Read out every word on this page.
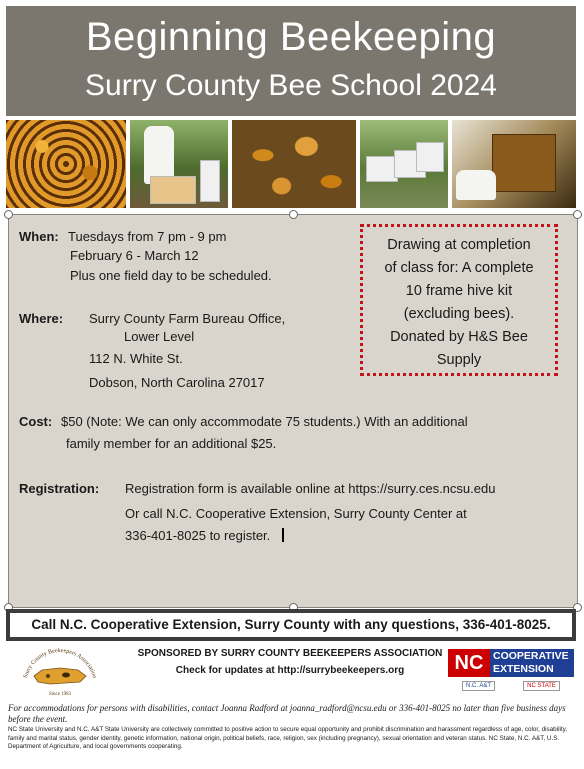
Beginning Beekeeping
Surry County Bee School 2024
When: Tuesdays from 7 pm - 9 pm
February 6 - March 12
Plus one field day to be scheduled.
Where: Surry County Farm Bureau Office,
Lower Level
112 N. White St.
Dobson, North Carolina 27017
Drawing at completion
of class for: A complete
10 frame hive kit
(excluding bees).
Donated by H&S Bee
Supply
Cost: $50 (Note: We can only accommodate 75 students.) With an additional
family member for an additional $25.
Registration: Registration form is available online at https://surry.ces.ncsu.edu
Or call N.C. Cooperative Extension, Surry County Center at
336-401-8025 to register.
Call N.C. Cooperative Extension, Surry County with any questions, 336-401-8025.
Surry County Beekeepers Association
Since 1983
SPONSORED BY SURRY COUNTY BEEKEEPERS ASSOCIATION
Check for updates at http://surrybeekeepers.org	NC COOPERATIVE
EXTENSION
N.C. A&T	NC STATE
For accommodations for persons with disabilities, contact Joanna Radford at joanna_radford@ncsu.edu or 336-401-8025 no later than five business days before the event.
NC State University and N.C. A&T State University are collectively committed to positive action to secure equal opportunity and prohibit discrimination and harassment regardless of age, color, disability, family and marital status, gender identity, genetic information, national origin, political beliefs, race, religion, sex (including pregnancy), sexual orientation and veteran status. NC State, N.C. A&T, U.S. Department of Agriculture, and local governments cooperating.
